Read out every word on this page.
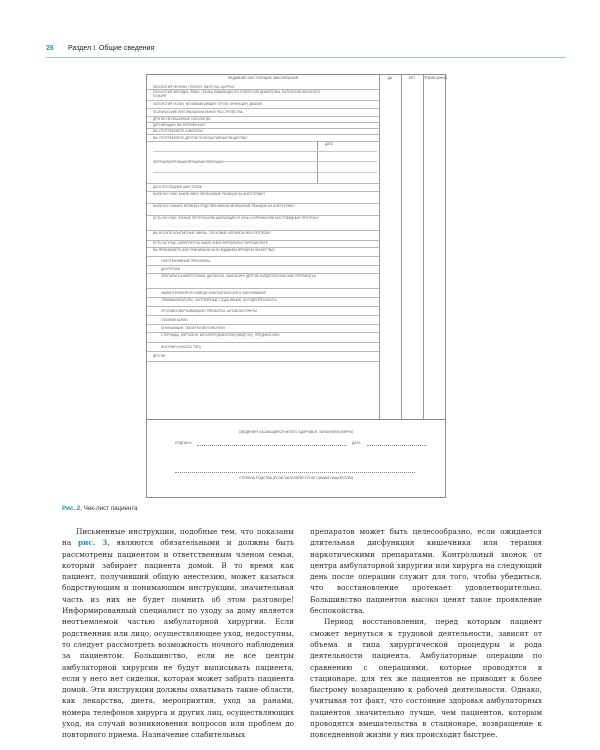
26 Раздел I. Общие сведения
НЕДАВНИЕ ИЛИ ТЕКУЩИЕ ЗАБОЛЕВАНИЯ	ДА	НЕТ	ПРИМЕЧАНИЯ
ПАТОЛОГИЯ ПЕЧЕНИ: ГЕПАТИТ, ЖЕЛТУХА, ЦИРРОЗ
ПАТОЛОГИЯ ЖЕЛУДКА, ЯЗВЫ, ГРЫЖА ПИЩЕВОДНОГО ОТВЕРСТИЯ ДИАФРАГМЫ, ПАТОЛОГИЯ ЖЕЛЧНОГО ПУЗЫРЯ
ПАТОЛОГИЯ ПОЧЕК, МОЧЕВЫВОДЯЩИХ ПУТЕЙ, ИНФЕКЦИЯ, ДИАЛИЗ
ПСИХИЧЕСКИЕ ИЛИ ЭМОЦИОНАЛЬНЫЕ РАССТРОЙСТВА
ДРУГИЕ НЕУКАЗАННЫЕ ПАТОЛОГИИ
ДЛЯ ЖЕНЩИН: ВЫ БЕРЕМЕННЫ?
ВЫ УПОТРЕБЛЯЕТЕ АЛКОГОЛЬ?
ВЫ УПОТРЕБЛЯЕТЕ ДРУГИЕ ПСИХОАКТИВНЫЕ ВЕЩЕСТВА?
ПЕРЕЧИСЛИТЕ ВАШИ ПРОШЛЫЕ ОПЕРАЦИИ
ДАТА
ДАТА ПОСЛЕДНЕЙ АНЕСТЕЗИИ
БЫЛИ ЛИ У ВАС КАКИЕ-ЛИБО НЕОБЫЧНЫЕ РЕАКЦИИ НА АНЕСТЕЗИЮ?
БЫЛИ ЛИ У ВАШИХ КРОВНЫХ РОДСТВЕННИКОВ НЕОБЫЧНЫЕ РЕАКЦИИ НА АНЕСТЕЗИЮ?
ЕСТЬ ЛИ У ВАС ЗУБНЫЕ ПРОТЕЗЫ ИЛИ ШАТАЮЩИЕСЯ ЗУБЫ, КОРОНКИ ИЛИ МОСТОВИДНЫЕ ПРОТЕЗЫ?
ВЫ НОСИТЕ КОНТАКТНЫЕ ЛИНЗЫ, СЛУХОВЫЕ АППАРАТЫ ИЛИ ПРОТЕЗЫ?
ЕСТЬ ЛИ У ВАС АЛЛЕРГИЯ НА КАКИЕ-ЛИБО ПРЕПАРАТЫ? ПЕРЕЧИСЛИТЕ
ВЫ ПРИНИМАЕТЕ ИЛИ ПРИНИМАЛИ ЛИ В НЕДАВНЕМ ВРЕМЕНИ ЛЕКАРСТВА?
ГИПОТЕНЗИВНЫЕ ПРЕПАРАТЫ
ДИУРЕТИКИ
ПРЕПАРАТЫ НАПЕРСТЯНКИ, ДИГОКСИН, ЛАНОКСИН* (ДРУГИЕ КАРДИОЛОГИЧЕСКИЕ ПРЕПАРАТЫ)
ХИМИОТЕРАПИЯ ПО ПОВОДУ ОНКОЛОГИЧЕСКОГО ЗАБОЛЕВАНИЯ
ТРАНКВИЛИЗАТОРЫ, СНОТВОРНЫЕ, СЕДАТИВНЫЕ, АНТИДЕПРЕССАНТЫ
ПРОТИВОСВЕРТЫВАЮЩИЕ ПРЕПАРАТЫ, АНТИКОАГУЛЯНТЫ
ГЛАЗНЫЕ КАПЛИ
СНОЖАЮЩИЕ ТАБЛЕТКИ ИЛИ ИНСУЛИН
СТЕРОИДЫ, КОРТИЗОН, МЕТИЛПРЕДНИЗОЛОН (МЕДРОЛ*), ПРЕДНИЗОЛОН
ИНСУЛИН (УКАЗАТЬ ТИП)
ДРУГИЕ
СВЕДЕНИЯ, КАСАЮЩИЕСЯ МОЕГО ЗДОРОВЬЯ, ЗАПОЛНЕНЫ ВЕРНО
ПОДПИСЬ	ДАТА
СТЕПЕНЬ РОДСТВА (ЕСЛИ ЗАПОЛНЯЕТСЯ НЕ САМИМ ПАЦИЕНТОМ)
Рис. 2. Чек-лист пациента

Письменные инструкции, подобные тем, что показаны на рис. 3, являются обязательными и должны быть рассмотрены пациентом и ответственным членом семьи, который забирает пациента домой. В то время как пациент, получивший общую анестезию, может казаться бодрствующим и понимающим инструкции, значительная часть из них не будет помнить об этом разговоре! Информированный специалист по уходу за дому является неотъемлемой частью амбулаторной хирургии. Если родственник или лицо, осуществляющее уход, недоступны, то следует рассмотреть возможность ночного наблюдения за пациентом. Большинство, если не все центры амбулаторной хирургии не будут выписывать пациента, если у него нет сиделки, которая может забрать пациента домой. Эти инструкции должны охватывать такие области, как лекарства, диета, мероприятия, уход за ранами, номера телефонов хирурга и других лиц, осуществляющих уход, на случай возникновения вопросов или проблем до повторного приема. Назначение слабительных

препаратов может быть целесообразно, если ожидается длительная дисфункция кишечника или терапия наркотическими препаратами. Контрольный звонок от центра амбулаторной хирургии или хирурга на следующий день после операции служит для того, чтобы убедиться, что восстановление протекает удовлетворительно. Большинство пациентов высоко ценят такое проявление беспокойства.

Период восстановления, перед которым пациент сможет вернуться к трудовой деятельности, зависит от объема и типа хирургической процедуры и рода деятельности пациента. Амбулаторные операции по сравнению с операциями, которые проводятся в стационаре, для тех же пациентов не приводят к более быстрому возвращению к рабочей деятельности. Однако, учитывая тот факт, что состояние здоровья амбулаторных пациентов значительно лучше, чем пациентов, которым проводятся вмешательства в стационаре, возвращение к повседневной жизни у них происходит быстрее.
